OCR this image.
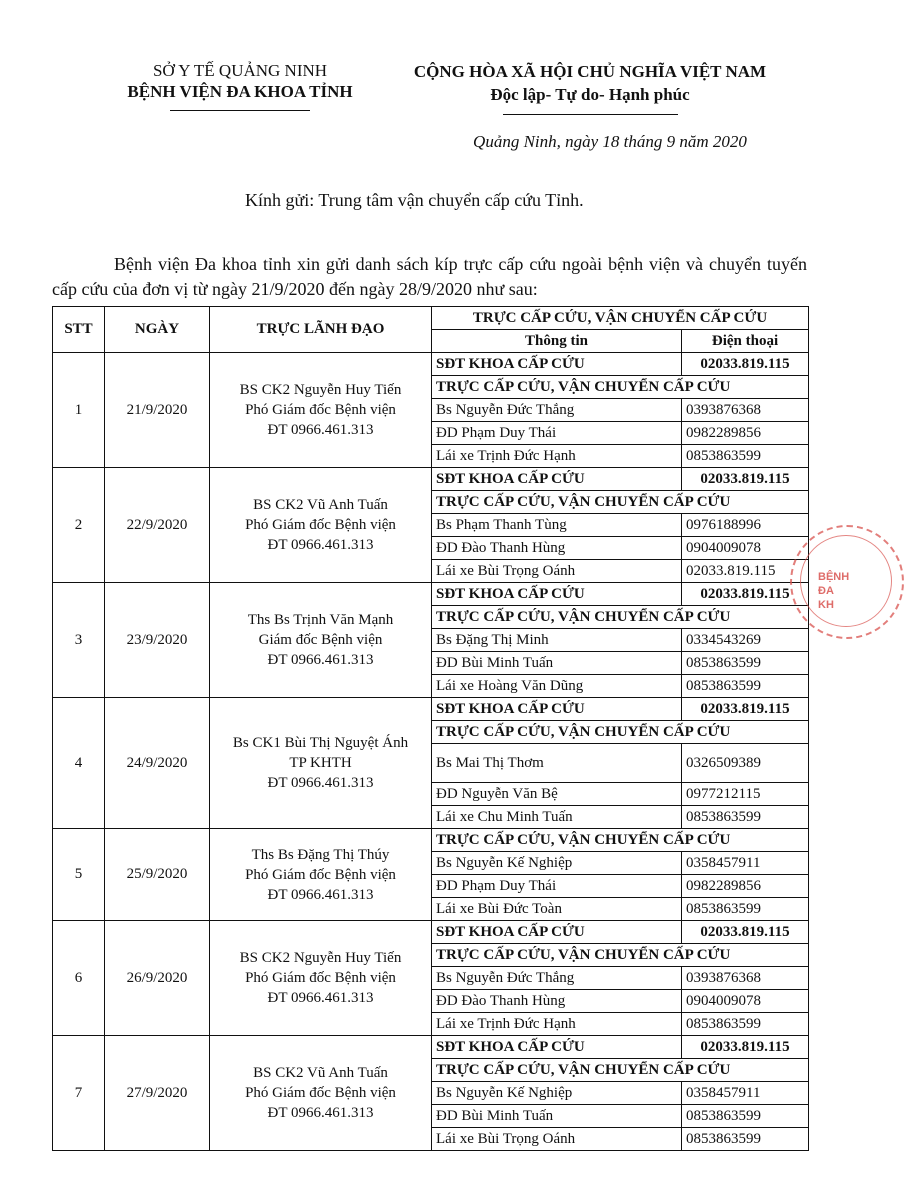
SỞ Y TẾ QUẢNG NINH
BỆNH VIỆN ĐA KHOA TỈNH
CỘNG HÒA XÃ HỘI CHỦ NGHĨA VIỆT NAM
Độc lập- Tự do- Hạnh phúc
Quảng Ninh, ngày 18 tháng 9 năm 2020
Kính gửi: Trung tâm vận chuyển cấp cứu Tỉnh.
Bệnh viện Đa khoa tỉnh xin gửi danh sách kíp trực cấp cứu ngoài bệnh viện và chuyển tuyến cấp cứu của đơn vị từ ngày 21/9/2020 đến ngày 28/9/2020 như sau:
STT	NGÀY	TRỰC LÃNH ĐẠO	TRỰC CẤP CỨU, VẬN CHUYỂN CẤP CỨU	
			Thông tin	Điện thoại
1	21/9/2020	BS CK2 Nguyễn Huy Tiến
Phó Giám đốc Bệnh viện
ĐT 0966.461.313	SĐT KHOA CẤP CỨU	02033.819.115
			TRỰC CẤP CỨU, VẬN CHUYỂN CẤP CỨU	
			Bs Nguyễn Đức Thắng	0393876368
			ĐD Phạm Duy Thái	0982289856
			Lái xe Trịnh Đức Hạnh	0853863599
2	22/9/2020	BS CK2 Vũ Anh Tuấn
Phó Giám đốc Bệnh viện
ĐT 0966.461.313	SĐT KHOA CẤP CỨU	02033.819.115
			TRỰC CẤP CỨU, VẬN CHUYỂN CẤP CỨU	
			Bs Phạm Thanh Tùng	0976188996
			ĐD Đào Thanh Hùng	0904009078
			Lái xe Bùi Trọng Oánh	02033.819.115
3	23/9/2020	Ths Bs Trịnh Văn Mạnh
Giám đốc Bệnh viện
ĐT 0966.461.313	SĐT KHOA CẤP CỨU	02033.819.115
			TRỰC CẤP CỨU, VẬN CHUYỂN CẤP CỨU	
			Bs Đặng Thị Minh	0334543269
			ĐD Bùi Minh Tuấn	0853863599
			Lái xe Hoàng Văn Dũng	0853863599
4	24/9/2020	Bs CK1 Bùi Thị Nguyệt Ánh
TP KHTH
ĐT 0966.461.313	SĐT KHOA CẤP CỨU	02033.819.115
			TRỰC CẤP CỨU, VẬN CHUYỂN CẤP CỨU	
			Bs Mai Thị Thơm	0326509389
			ĐD Nguyễn Văn Bệ	0977212115
			Lái xe Chu Minh Tuấn	0853863599
5	25/9/2020	Ths Bs Đặng Thị Thúy
Phó Giám đốc Bệnh viện
ĐT 0966.461.313	TRỰC CẤP CỨU, VẬN CHUYỂN CẤP CỨU	
			Bs Nguyễn Kế Nghiệp	0358457911
			ĐD Phạm Duy Thái	0982289856
			Lái xe Bùi Đức Toàn	0853863599
6	26/9/2020	BS CK2 Nguyễn Huy Tiến
Phó Giám đốc Bệnh viện
ĐT 0966.461.313	SĐT KHOA CẤP CỨU	02033.819.115
			TRỰC CẤP CỨU, VẬN CHUYỂN CẤP CỨU	
			Bs Nguyễn Đức Thắng	0393876368
			ĐD Đào Thanh Hùng	0904009078
			Lái xe Trịnh Đức Hạnh	0853863599
7	27/9/2020	BS CK2 Vũ Anh Tuấn
Phó Giám đốc Bệnh viện
ĐT 0966.461.313	SĐT KHOA CẤP CỨU	02033.819.115
			TRỰC CẤP CỨU, VẬN CHUYỂN CẤP CỨU	
			Bs Nguyễn Kế Nghiệp	0358457911
			ĐD Bùi Minh Tuấn	0853863599
			Lái xe Bùi Trọng Oánh	0853863599
BỆNH
ĐA KH
